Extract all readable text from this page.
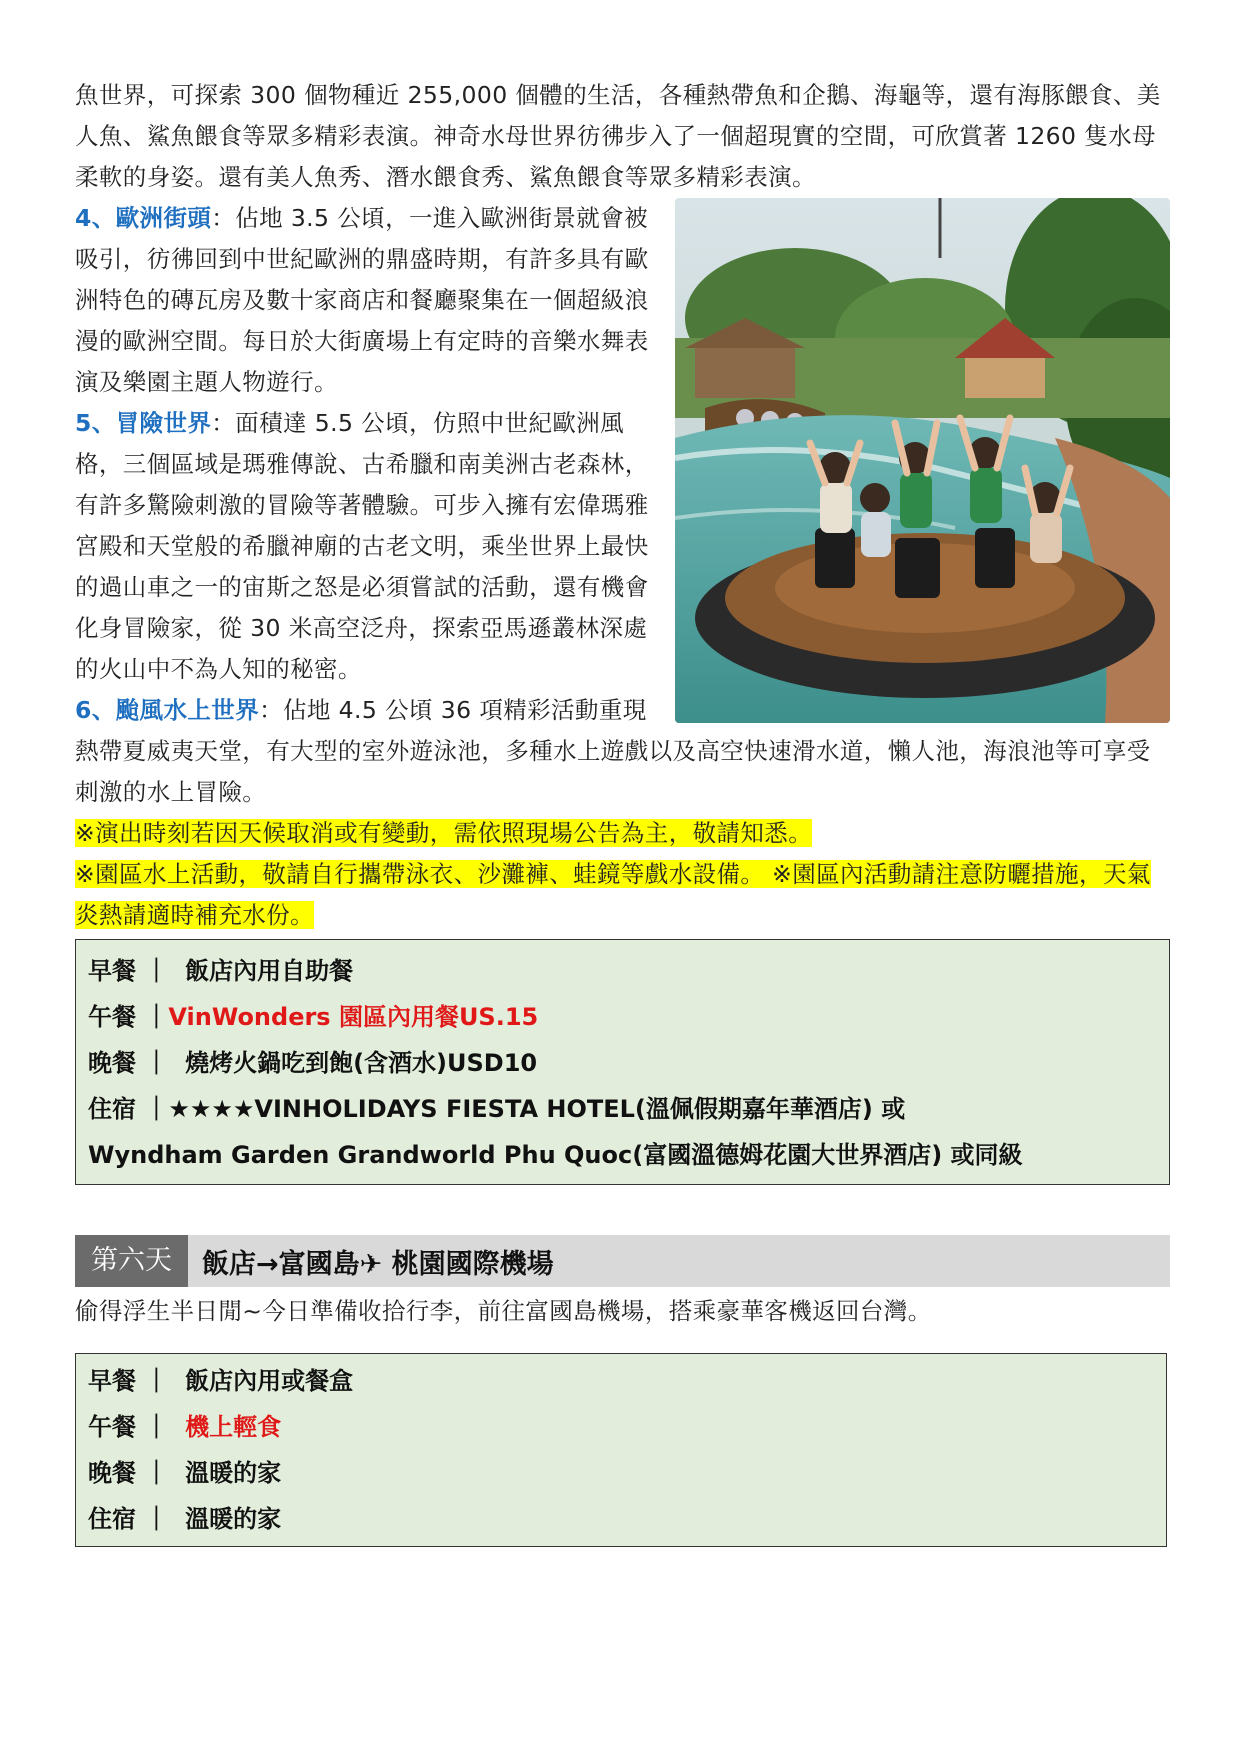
魚世界，可探索 300 個物種近 255,000 個體的生活，各種熱帶魚和企鵝、海龜等，還有海豚餵食、美人魚、鯊魚餵食等眾多精彩表演。神奇水母世界彷彿步入了一個超現實的空間，可欣賞著 1260 隻水母柔軟的身姿。還有美人魚秀、潛水餵食秀、鯊魚餵食等眾多精彩表演。

4、歐洲街頭：佔地 3.5 公頃，一進入歐洲街景就會被吸引，彷彿回到中世紀歐洲的鼎盛時期，有許多具有歐洲特色的磚瓦房及數十家商店和餐廳聚集在一個超級浪漫的歐洲空間。每日於大街廣場上有定時的音樂水舞表演及樂園主題人物遊行。

5、冒險世界：面積達 5.5 公頃，仿照中世紀歐洲風格，三個區域是瑪雅傳說、古希臘和南美洲古老森林，有許多驚險刺激的冒險等著體驗。可步入擁有宏偉瑪雅宮殿和天堂般的希臘神廟的古老文明，乘坐世界上最快的過山車之一的宙斯之怒是必須嘗試的活動，還有機會化身冒險家，從 30 米高空泛舟，探索亞馬遜叢林深處的火山中不為人知的秘密。

6、颱風水上世界：佔地 4.5 公頃 36 項精彩活動重現熱帶夏威夷天堂，有大型的室外遊泳池，多種水上遊戲以及高空快速滑水道，懶人池，海浪池等可享受刺激的水上冒險。

※演出時刻若因天候取消或有變動，需依照現場公告為主，敬請知悉。

※園區水上活動，敬請自行攜帶泳衣、沙灘褲、蛙鏡等戲水設備。 ※園區內活動請注意防曬措施，天氣炎熱請適時補充水份。

早餐 ｜ 飯店內用自助餐
午餐 ｜VinWonders 園區內用餐US.15
晚餐 ｜ 燒烤火鍋吃到飽(含酒水)USD10
住宿 ｜★★★★VINHOLIDAYS FIESTA HOTEL(溫佩假期嘉年華酒店) 或
Wyndham Garden Grandworld Phu Quoc(富國溫德姆花園大世界酒店) 或同級
第六天	飯店→富國島✈ 桃園國際機場

偷得浮生半日閒~今日準備收拾行李，前往富國島機場，搭乘豪華客機返回台灣。

早餐 ｜ 飯店內用或餐盒
午餐 ｜ 機上輕食
晚餐 ｜ 溫暖的家
住宿 ｜ 溫暖的家
